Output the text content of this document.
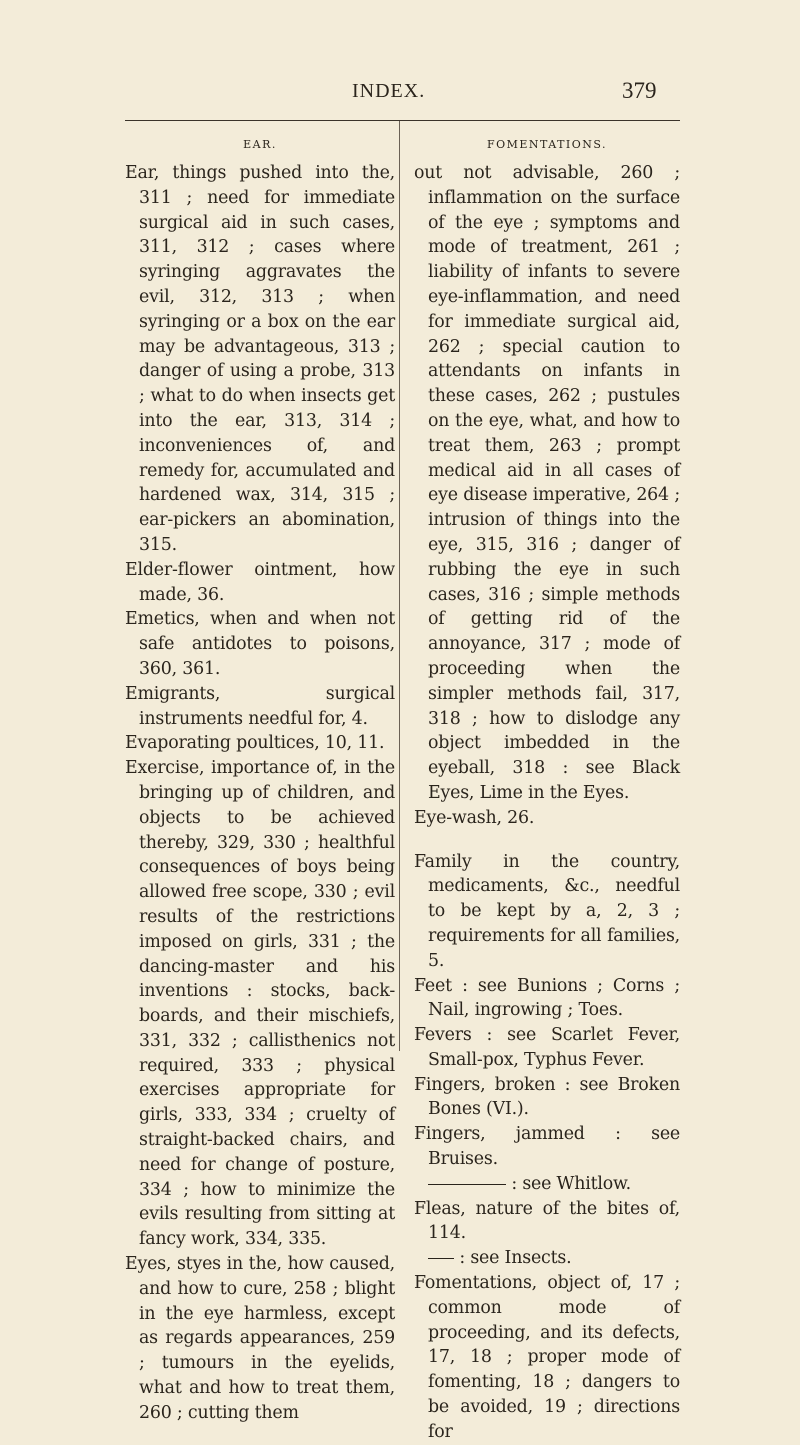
INDEX.	379
EAR.

Ear, things pushed into the, 311 ; need for immediate surgical aid in such cases, 311, 312 ; cases where syringing aggravates the evil, 312, 313 ; when syringing or a box on the ear may be advantageous, 313 ; danger of using a probe, 313 ; what to do when insects get into the ear, 313, 314 ; inconveniences of, and remedy for, accumulated and hardened wax, 314, 315 ; ear-pickers an abomination, 315.

Elder-flower ointment, how made, 36.

Emetics, when and when not safe antidotes to poisons, 360, 361.

Emigrants, surgical instruments needful for, 4.

Evaporating poultices, 10, 11.

Exercise, importance of, in the bringing up of children, and objects to be achieved thereby, 329, 330 ; healthful consequences of boys being allowed free scope, 330 ; evil results of the restrictions imposed on girls, 331 ; the dancing-master and his inventions : stocks, back-boards, and their mischiefs, 331, 332 ; callisthenics not required, 333 ; physical exercises appropriate for girls, 333, 334 ; cruelty of straight-backed chairs, and need for change of posture, 334 ; how to minimize the evils resulting from sitting at fancy work, 334, 335.

Eyes, styes in the, how caused, and how to cure, 258 ; blight in the eye harmless, except as regards appearances, 259 ; tumours in the eyelids, what and how to treat them, 260 ; cutting them

FOMENTATIONS.

out not advisable, 260 ; inflammation on the surface of the eye ; symptoms and mode of treatment, 261 ; liability of infants to severe eye-inflammation, and need for immediate surgical aid, 262 ; special caution to attendants on infants in these cases, 262 ; pustules on the eye, what, and how to treat them, 263 ; prompt medical aid in all cases of eye disease imperative, 264 ; intrusion of things into the eye, 315, 316 ; danger of rubbing the eye in such cases, 316 ; simple methods of getting rid of the annoyance, 317 ; mode of proceeding when the simpler methods fail, 317, 318 ; how to dislodge any object imbedded in the eyeball, 318 : see Black Eyes, Lime in the Eyes.

Eye-wash, 26.

Family in the country, medicaments, &c., needful to be kept by a, 2, 3 ; requirements for all families, 5.

Feet : see Bunions ; Corns ; Nail, ingrowing ; Toes.

Fevers : see Scarlet Fever, Small-pox, Typhus Fever.

Fingers, broken : see Broken Bones (VI.).

Fingers, jammed : see Bruises.

: see Whitlow.

Fleas, nature of the bites of, 114.

: see Insects.

Fomentations, object of, 17 ; common mode of proceeding, and its defects, 17, 18 ; proper mode of fomenting, 18 ; dangers to be avoided, 19 ; directions for
